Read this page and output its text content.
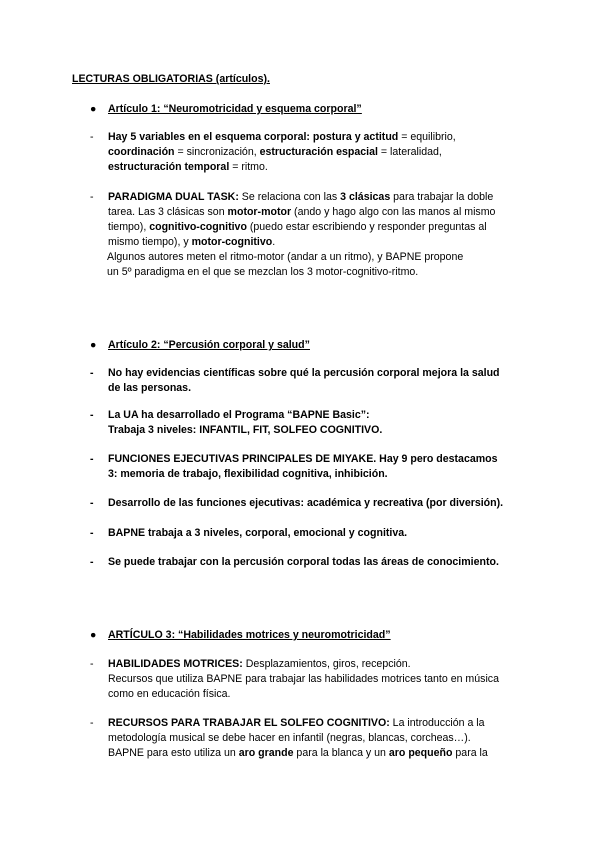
LECTURAS OBLIGATORIAS (artículos).
● Artículo 1: “Neuromotricidad y esquema corporal”
- Hay 5 variables en el esquema corporal: postura y actitud = equilibrio,
coordinación = sincronización, estructuración espacial = lateralidad,
estructuración temporal = ritmo.
- PARADIGMA DUAL TASK: Se relaciona con las 3 clásicas para trabajar la doble
tarea. Las 3 clásicas son motor-motor (ando y hago algo con las manos al mismo
tiempo), cognitivo-cognitivo (puedo estar escribiendo y responder preguntas al
mismo tiempo), y motor-cognitivo.
Algunos autores meten el ritmo-motor (andar a un ritmo), y BAPNE propone
un 5º paradigma en el que se mezclan los 3 motor-cognitivo-ritmo.
● Artículo 2: “Percusión corporal y salud”
- No hay evidencias científicas sobre qué la percusión corporal mejora la salud
de las personas.
- La UA ha desarrollado el Programa “BAPNE Basic”:
Trabaja 3 niveles: INFANTIL, FIT, SOLFEO COGNITIVO.
- FUNCIONES EJECUTIVAS PRINCIPALES DE MIYAKE. Hay 9 pero destacamos
3: memoria de trabajo, flexibilidad cognitiva, inhibición.
- Desarrollo de las funciones ejecutivas: académica y recreativa (por diversión).
- BAPNE trabaja a 3 niveles, corporal, emocional y cognitiva.
- Se puede trabajar con la percusión corporal todas las áreas de conocimiento.
● ARTÍCULO 3: “Habilidades motrices y neuromotricidad”
- HABILIDADES MOTRICES: Desplazamientos, giros, recepción.
Recursos que utiliza BAPNE para trabajar las habilidades motrices tanto en música
como en educación física.
- RECURSOS PARA TRABAJAR EL SOLFEO COGNITIVO: La introducción a la
metodología musical se debe hacer en infantil (negras, blancas, corcheas…).
BAPNE para esto utiliza un aro grande para la blanca y un aro pequeño para la
